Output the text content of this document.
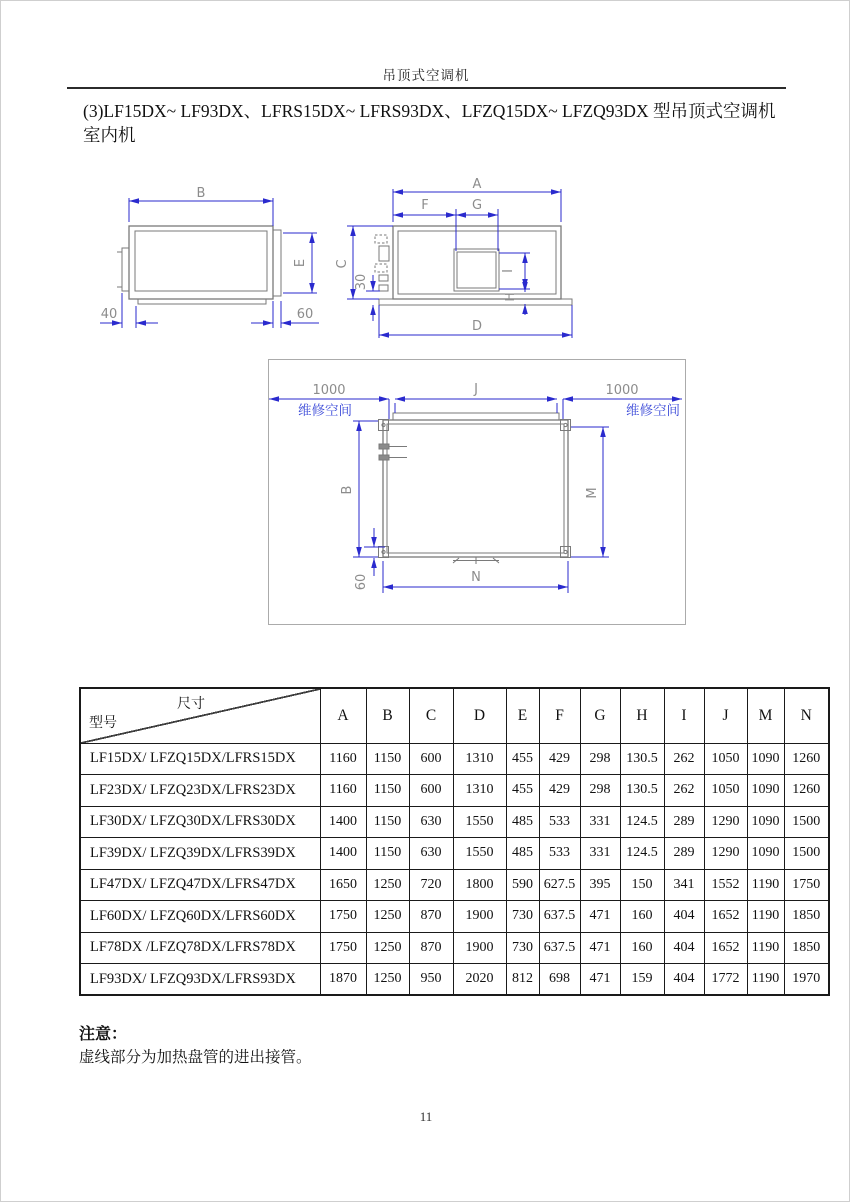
吊顶式空调机
(3)LF15DX~ LF93DX、LFRS15DX~ LFRS93DX、LFZQ15DX~ LFZQ93DX 型吊顶式空调机
室内机
B
E
40	60
A
F	G
C
30
I
H
D
1000
维修空间
J	1000
维修空间
B	M
60	N
尺寸
型号	A	B	C	D	E	F	G	H	I	J	M	N
LF15DX/ LFZQ15DX/LFRS15DX	1160	1150	600	1310	455	429	298	130.5	262	1050	1090	1260
LF23DX/ LFZQ23DX/LFRS23DX	1160	1150	600	1310	455	429	298	130.5	262	1050	1090	1260
LF30DX/ LFZQ30DX/LFRS30DX	1400	1150	630	1550	485	533	331	124.5	289	1290	1090	1500
LF39DX/ LFZQ39DX/LFRS39DX	1400	1150	630	1550	485	533	331	124.5	289	1290	1090	1500
LF47DX/ LFZQ47DX/LFRS47DX	1650	1250	720	1800	590	627.5	395	150	341	1552	1190	1750
LF60DX/ LFZQ60DX/LFRS60DX	1750	1250	870	1900	730	637.5	471	160	404	1652	1190	1850
LF78DX /LFZQ78DX/LFRS78DX	1750	1250	870	1900	730	637.5	471	160	404	1652	1190	1850
LF93DX/ LFZQ93DX/LFRS93DX	1870	1250	950	2020	812	698	471	159	404	1772	1190	1970
注意：
虚线部分为加热盘管的进出接管。
11
